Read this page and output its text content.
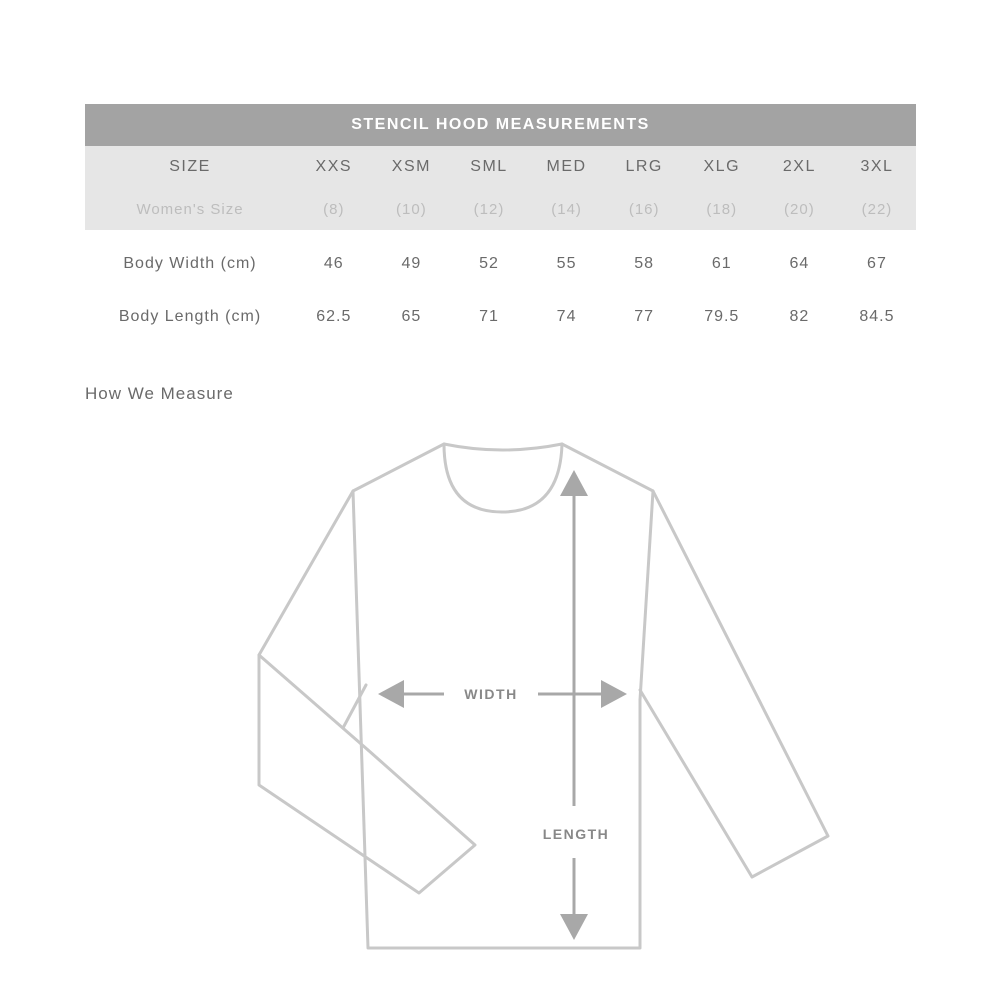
STENCIL HOOD MEASUREMENTS
SIZE	XXS	XSM	SML	MED	LRG	XLG	2XL	3XL
Women's Size	(8)	(10)	(12)	(14)	(16)	(18)	(20)	(22)
Body Width (cm)	46	49	52	55	58	61	64	67
Body Length (cm)	62.5	65	71	74	77	79.5	82	84.5
How We Measure
WIDTH
LENGTH
